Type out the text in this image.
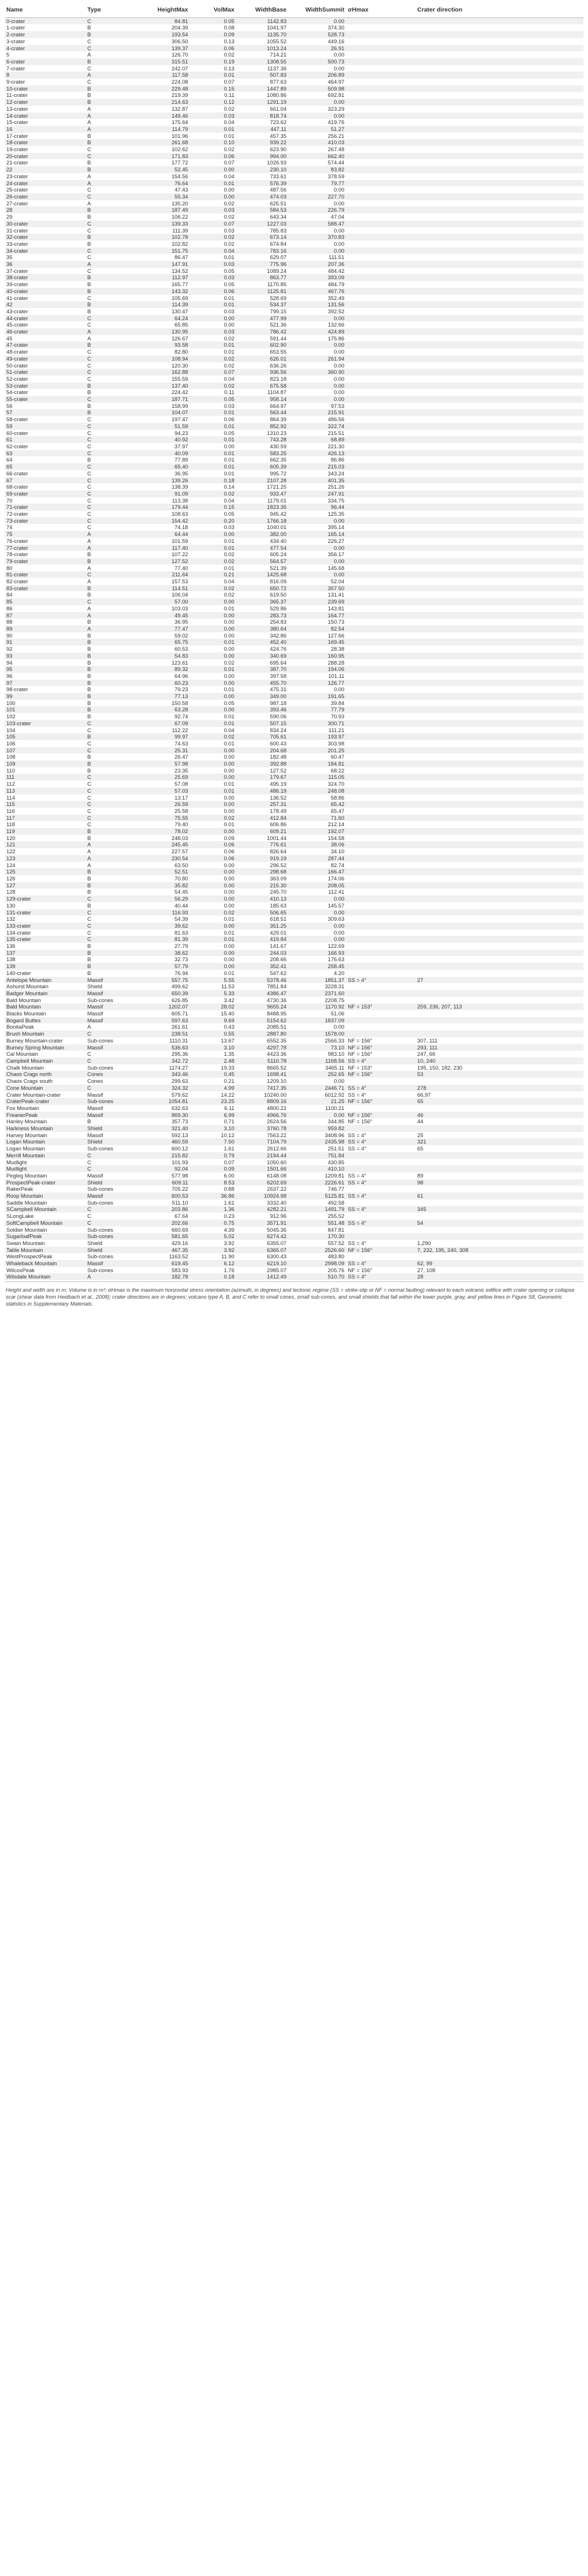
Name	Type	HeightMax	VolMax	WidthBase	WidthSummit	σHmax	Crater direction
0-crater	C	84.81	0.05	1142.83	0.00		
1-crater	B	204.39	0.08	1041.97	374.30		
2-crater	B	193.54	0.09	1135.70	528.73		
3-crater	C	306.50	0.13	1055.52	449.16		
4-crater	C	139.37	0.06	1013.24	26.91		
5	A	126.70	0.02	714.21	0.00		
6-crater	B	315.51	0.19	1308.55	500.73		
7-crater	C	242.07	0.13	1137.36	0.00		
8	A	117.58	0.01	507.83	206.89		
9-crater	C	224.08	0.07	877.63	464.97		
10-crater	B	229.48	0.15	1447.89	509.98		
11-crater	B	219.39	0.11	1080.86	692.81		
12-crater	B	214.63	0.12	1291.19	0.00		
13-crater	A	132.87	0.02	661.04	323.29		
14-crater	A	149.46	0.03	818.74	0.00		
15-crater	A	175.64	0.04	723.62	419.76		
16	A	114.79	0.01	447.11	51.27		
17-crater	B	101.96	0.01	457.35	256.21		
18-crater	B	261.68	0.10	939.22	410.03		
19-crater	C	102.62	0.02	623.90	267.48		
20-crater	C	171.83	0.06	994.00	662.40		
21-crater	B	177.72	0.07	1026.93	574.44		
22	B	52.45	0.00	230.10	83.82		
23-crater	A	154.56	0.04	733.61	378.59		
24-crater	A	76.64	0.01	576.39	79.77		
25-crater	C	47.43	0.00	487.56	0.00		
26-crater	C	55.34	0.00	474.03	227.70		
27-crater	A	135.20	0.02	625.51	0.00		
28	B	187.49	0.03	584.53	226.79		
29	B	106.22	0.02	643.34	47.04		
30-crater	C	139.33	0.07	1227.03	588.47		
31-crater	C	111.39	0.03	785.83	0.00		
32-crater	B	102.78	0.02	673.14	370.83		
33-crater	B	102.82	0.02	674.84	0.00		
34-crater	C	151.75	0.04	783.16	0.00		
35	C	86.47	0.01	629.07	111.51		
36	A	147.91	0.03	775.96	207.36		
37-crater	C	134.52	0.05	1089.24	484.42		
38-crater	B	112.97	0.03	863.77	393.09		
39-crater	B	165.77	0.05	1170.85	484.79		
40-crater	B	143.32	0.06	1125.81	467.76		
41-crater	C	105.69	0.01	528.69	352.49		
42	B	114.39	0.01	534.37	131.56		
43-crater	B	130.47	0.03	799.15	392.52		
44-crater	C	64.24	0.00	477.99	0.00		
45-crater	C	65.85	0.00	521.36	132.66		
46-crater	A	130.95	0.03	786.42	424.89		
45	A	126.67	0.02	591.44	175.86		
47-crater	B	93.58	0.01	602.90	0.00		
48-crater	C	82.80	0.01	653.55	0.00		
49-crater	C	108.94	0.02	626.01	261.94		
50-crater	C	120.30	0.02	636.26	0.00		
51-crater	C	162.88	0.07	936.56	360.90		
52-crater	C	155.59	0.04	823.18	0.00		
53-crater	B	137.40	0.02	675.58	0.00		
54-crater	B	224.42	0.11	1104.87	0.00		
55-crater	C	187.71	0.05	958.14	0.00		
56	B	158.99	0.03	664.97	97.53		
57	B	104.07	0.01	563.44	215.91		
58-crater	C	197.47	0.06	864.39	486.56		
59	C	51.59	0.01	852.92	322.74		
60-crater	C	94.23	0.05	1310.23	215.51		
61	C	40.92	0.01	743.28	68.89		
62-crater	C	37.97	0.00	430.59	221.30		
63	C	40.09	0.01	583.25	426.13		
64	B	77.89	0.01	662.35	86.86		
65	C	65.40	0.01	605.39	215.03		
66-crater	C	36.95	0.01	995.72	343.24		
67	C	139.26	0.18	2107.28	401.35		
68-crater	C	138.39	0.14	1721.25	251.26		
69-crater	C	91.09	0.02	933.47	247.91		
70	C	113.38	0.04	1179.01	334.75		
71-crater	C	179.44	0.15	1823.35	96.44		
72-crater	C	108.63	0.05	945.42	125.35		
73-crater	C	154.42	0.20	1766.18	0.00		
74	C	74.18	0.03	1040.01	395.14		
75	A	64.44	0.00	382.00	165.14		
76-crater	A	101.59	0.01	434.40	226.27		
77-crater	A	117.40	0.01	477.54	0.00		
78-crater	B	107.22	0.02	605.24	356.17		
79-crater	B	127.52	0.02	564.57	0.00		
80	A	77.40	0.01	521.39	145.68		
81-crater	C	211.64	0.21	1425.68	0.00		
82-crater	A	157.53	0.04	816.09	52.04		
83-crater	B	114.51	0.02	650.72	357.50		
84	B	106.04	0.02	619.50	131.41		
85	C	57.00	0.00	365.37	239.69		
86	A	103.03	0.01	529.86	143.81		
87	A	49.45	0.00	283.73	164.77		
88	B	36.95	0.00	254.83	150.73		
89	A	77.47	0.00	380.64	82.54		
90	B	59.02	0.00	342.86	127.66		
91	B	65.75	0.01	452.40	169.45		
92	B	60.53	0.00	424.76	28.38		
93	B	54.83	0.00	340.69	160.95		
94	B	123.61	0.02	695.64	288.28		
95	B	89.32	0.01	387.70	194.06		
96	B	64.96	0.00	397.58	101.11		
97	B	60.23	0.00	455.70	126.77		
98-crater	B	79.23	0.01	475.31	0.00		
99	B	77.13	0.00	349.00	191.65		
100	B	150.58	0.05	987.18	39.84		
101	B	63.28	0.00	393.46	77.79		
102	B	92.74	0.01	590.06	70.93		
103-crater	C	67.09	0.01	507.15	300.71		
104	C	112.22	0.04	834.24	111.21		
105	B	99.97	0.02	705.61	193.97		
106	C	74.63	0.01	600.43	303.98		
107	C	25.31	0.00	204.68	201.25		
108	B	26.47	0.00	182.48	60.47		
109	B	57.98	0.00	392.88	184.81		
110	B	23.35	0.00	127.52	68.22		
111	C	25.69	0.00	179.67	115.05		
112	C	57.08	0.01	495.19	324.70		
113	C	57.03	0.01	486.19	248.08		
114	C	13.17	0.00	136.52	58.86		
115	C	26.59	0.00	257.31	65.42		
116	C	25.58	0.00	178.49	65.47		
117	C	75.55	0.02	412.84	71.60		
118	C	79.40	0.01	606.86	212.14		
119	B	78.02	0.00	609.21	192.07		
120	B	248.03	0.09	1001.44	154.58		
121	A	245.45	0.06	776.61	38.06		
122	A	227.57	0.06	826.64	34.10		
123	A	230.54	0.06	919.19	287.44		
124	A	63.50	0.00	296.52	82.74		
125	B	52.51	0.00	298.68	166.47		
126	B	70.80	0.00	363.09	174.06		
127	B	35.82	0.00	215.30	208.05		
128	B	54.45	0.00	245.70	112.41		
129-crater	C	56.29	0.00	410.13	0.00		
130	B	40.44	0.00	185.63	145.57		
131-crater	C	116.93	0.02	506.65	0.00		
132	C	54.39	0.01	618.51	309.63		
133-crater	C	39.62	0.00	351.25	0.00		
134-crater	C	81.63	0.01	429.01	0.00		
135-crater	C	81.39	0.01	419.84	0.00		
136	B	27.79	0.00	141.67	122.69		
137	B	38.62	0.00	244.03	166.93		
138	B	32.73	0.00	208.66	176.63		
139	B	57.79	0.00	352.41	258.45		
140-crater	B	76.94	0.01	547.62	4.20		
Antelope Mountain	Massif	557.75	5.55	5378.46	1851.37	SS = 4°	27
Ashurst Mountain	Shield	499.62	11.53	7851.84	3228.31		
Badger Mountain	Massif	650.39	5.33	4386.47	2371.60		
Bald Mountain	Sub-cones	626.85	3.42	4730.36	2208.75		
Bald Mountain	Massif	1202.07	28.02	9655.24	1170.92	NF = 153°	259, 236, 207, 113
Blacks Mountain	Massif	605.71	15.40	8488.95	51.06		
Bogard Buttes	Massif	597.63	9.69	5154.62	1837.09		
BonitaPeak	A	261.61	0.43	2085.51	0.00		
Brush Mountain	C	238.51	0.55	2887.80	1578.00		
Burney Mountain-crater	Sub-cones	1110.31	13.67	6552.35	2566.33	NF = 156°	307, 111
Burney Spring Mountain	Massif	536.63	3.10	4297.78	73.10	NF = 156°	293, 111
Cal Mountain	C	295.36	1.35	4423.36	983.10	NF = 156°	247, 66
Campbell Mountain	C	342.72	2.48	5110.78	1168.56	SS = 4°	10, 240
Chalk Mountain	Sub-cones	1174.27	19.33	8665.52	3465.11	NF = 153°	195, 150, 182, 230
Chaos Crags north	Cones	343.46	0.45	1698.41	252.65	NF = 156°	53
Chaos Crags south	Cones	299.63	0.21	1209.10	0.00		
Cone Mountain	C	324.32	4.99	7417.35	2446.71	SS = 4°	278
Crater Mountain-crater	Massif	579.62	14.22	10240.00	6012.92	SS = 4°	66,97
CraterPeak-crater	Sub-cones	1054.81	23.25	8809.16	21.25	NF = 156°	65
Fox Mountain	Massif	632.63	6.11	4800.22	1100.21		
FreanerPeak	Massif	869.30	6.99	4966.76	0.00	NF = 156°	46
Hanley Mountain	B	357.73	0.71	2624.56	344.85	NF = 156°	44
Harkness Mountain	Shield	321.40	3.10	3760.78	959.82		
Harvey Mountain	Massif	592.13	10.12	7563.22	3408.96	SS = 4°	25
Logan Mountain	Shield	460.59	7.50	7104.79	2435.98	SS = 4°	321
Logan Mountain	Sub-cones	600.12	1.61	2612.66	251.51	SS = 4°	65
Merrill Mountain	C	215.82	0.79	2194.44	751.84		
Mudlight	C	101.93	0.07	1050.60	430.85		
Mudlight	C	92.04	0.09	1501.66	410.10		
Pegleg Mountain	Massif	577.98	6.00	6148.08	1209.81	SS = 4°	89
ProspectPeak-crater	Shield	609.11	8.53	6202.69	2226.61	SS = 4°	98
RakerPeak	Sub-cones	705.22	0.88	2637.22	746.77		
Roop Mountain	Massif	600.53	36.86	10924.98	5125.81	SS = 4°	61
Saddle Mountain	Sub-cones	511.10	1.61	3332.40	492.58		
SCampbell Mountain	C	203.86	1.36	4282.21	1491.79	SS = 4°	345
SLongLake	C	67.64	0.23	912.96	255.52		
SoftCampbell Mountain	C	202.66	0.75	3571.91	551.48	SS = 4°	54
Soldier Mountain	Sub-cones	660.69	4.39	5045.36	847.81		
SugarloafPeak	Sub-cones	581.65	5.02	6274.42	170.30		
Swain Mountain	Shield	429.16	3.92	6355.07	557.52	SS = 4°	1,290
Table Mountain	Shield	467.35	3.92	6365.07	2526.60	NF = 156°	7, 232, 195, 240, 308
WestProspectPeak	Sub-cones	1163.52	11.90	6300.43	483.80		
Whaleback Mountain	Massif	619.45	6.12	6219.10	2998.09	SS = 4°	62, 99
WilcoxPeak	Sub-cones	583.93	1.76	2985.07	205.76	NF = 156°	27, 108
Wilsdale Mountain	A	182.78	0.18	1412.49	510.70	SS = 4°	28
Height and width are in m; Volume is in m³; σHmax is the maximum horizontal stress orientation (azimuth, in degrees) and tectonic regime (SS = strike-slip or NF = normal faulting) relevant to each volcanic edifice with crater opening or collapse scar (shear data from Heidbach et al., 2008); crater directions are in degrees; volcano type A, B, and C refer to small cones, small sub-cones, and small shields that fall within the lower purple, gray, and yellow lines in Figure S8, Geometric statistics in Supplementary Materials.
